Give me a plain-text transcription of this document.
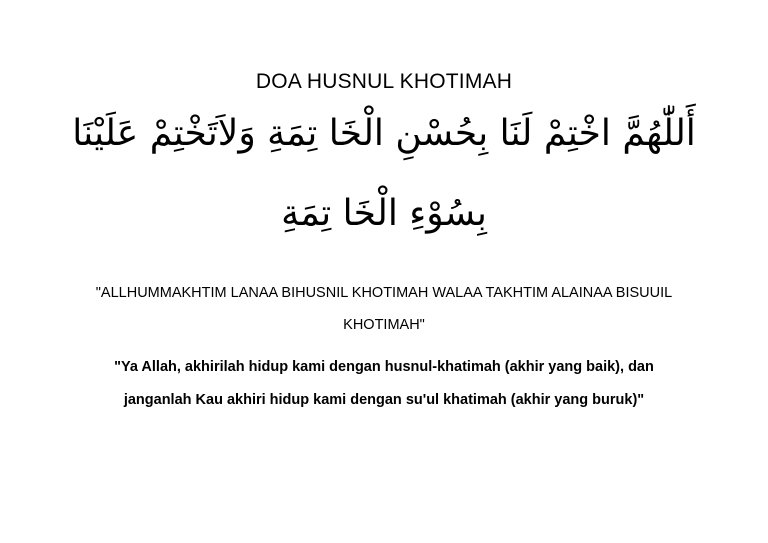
DOA HUSNUL KHOTIMAH
أَللّٰهُمَّ اخْتِمْ لَنَا بِحُسْنِ الْخَا تِمَةِ وَلاَتَخْتِمْ عَلَيْنَا
بِسُوْءِ الْخَا تِمَةِ
"ALLHUMMAKHTIM LANAA BIHUSNIL KHOTIMAH WALAA TAKHTIM ALAINAA BISUUIL
KHOTIMAH"
"Ya Allah, akhirilah hidup kami dengan husnul-khatimah (akhir yang baik), dan
janganlah Kau akhiri hidup kami dengan su'ul khatimah (akhir yang buruk)"
